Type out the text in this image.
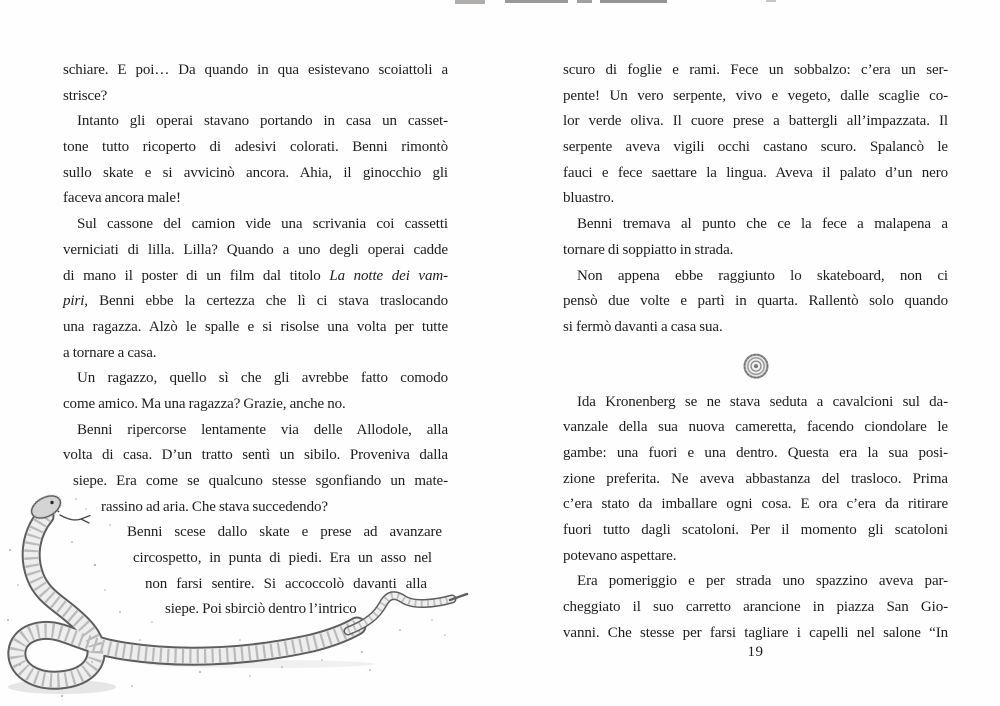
schiare. E poi… Da quando in qua esistevano scoiattoli a
strisce?
Intanto gli operai stavano portando in casa un casset-
tone tutto ricoperto di adesivi colorati. Benni rimontò
sullo skate e si avvicinò ancora. Ahia, il ginocchio gli
faceva ancora male!
Sul cassone del camion vide una scrivania coi cassetti
verniciati di lilla. Lilla? Quando a uno degli operai cadde
di mano il poster di un film dal titolo La notte dei vam-
piri, Benni ebbe la certezza che lì ci stava traslocando
una ragazza. Alzò le spalle e si risolse una volta per tutte
a tornare a casa.
Un ragazzo, quello sì che gli avrebbe fatto comodo
come amico. Ma una ragazza? Grazie, anche no.
Benni ripercorse lentamente via delle Allodole, alla
volta di casa. D’un tratto sentì un sibilo. Proveniva dalla
siepe. Era come se qualcuno stesse sgonfiando un mate-
rassino ad aria. Che stava succedendo?
Benni scese dallo skate e prese ad avanzare
circospetto, in punta di piedi. Era un asso nel
non farsi sentire. Si accoccolò davanti alla
siepe. Poi sbirciò dentro l’intrico
scuro di foglie e rami. Fece un sobbalzo: c’era un ser-
pente! Un vero serpente, vivo e vegeto, dalle scaglie co-
lor verde oliva. Il cuore prese a battergli all’impazzata. Il
serpente aveva vigili occhi castano scuro. Spalancò le
fauci e fece saettare la lingua. Aveva il palato d’un nero
bluastro.
Benni tremava al punto che ce la fece a malapena a
tornare di soppiatto in strada.
Non appena ebbe raggiunto lo skateboard, non ci
pensò due volte e partì in quarta. Rallentò solo quando
si fermò davanti a casa sua.
Ida Kronenberg se ne stava seduta a cavalcioni sul da-
vanzale della sua nuova cameretta, facendo ciondolare le
gambe: una fuori e una dentro. Questa era la sua posi-
zione preferita. Ne aveva abbastanza del trasloco. Prima
c’era stato da imballare ogni cosa. E ora c’era da ritirare
fuori tutto dagli scatoloni. Per il momento gli scatoloni
potevano aspettare.
Era pomeriggio e per strada uno spazzino aveva par-
cheggiato il suo carretto arancione in piazza San Gio-
vanni. Che stesse per farsi tagliare i capelli nel salone “In
19
